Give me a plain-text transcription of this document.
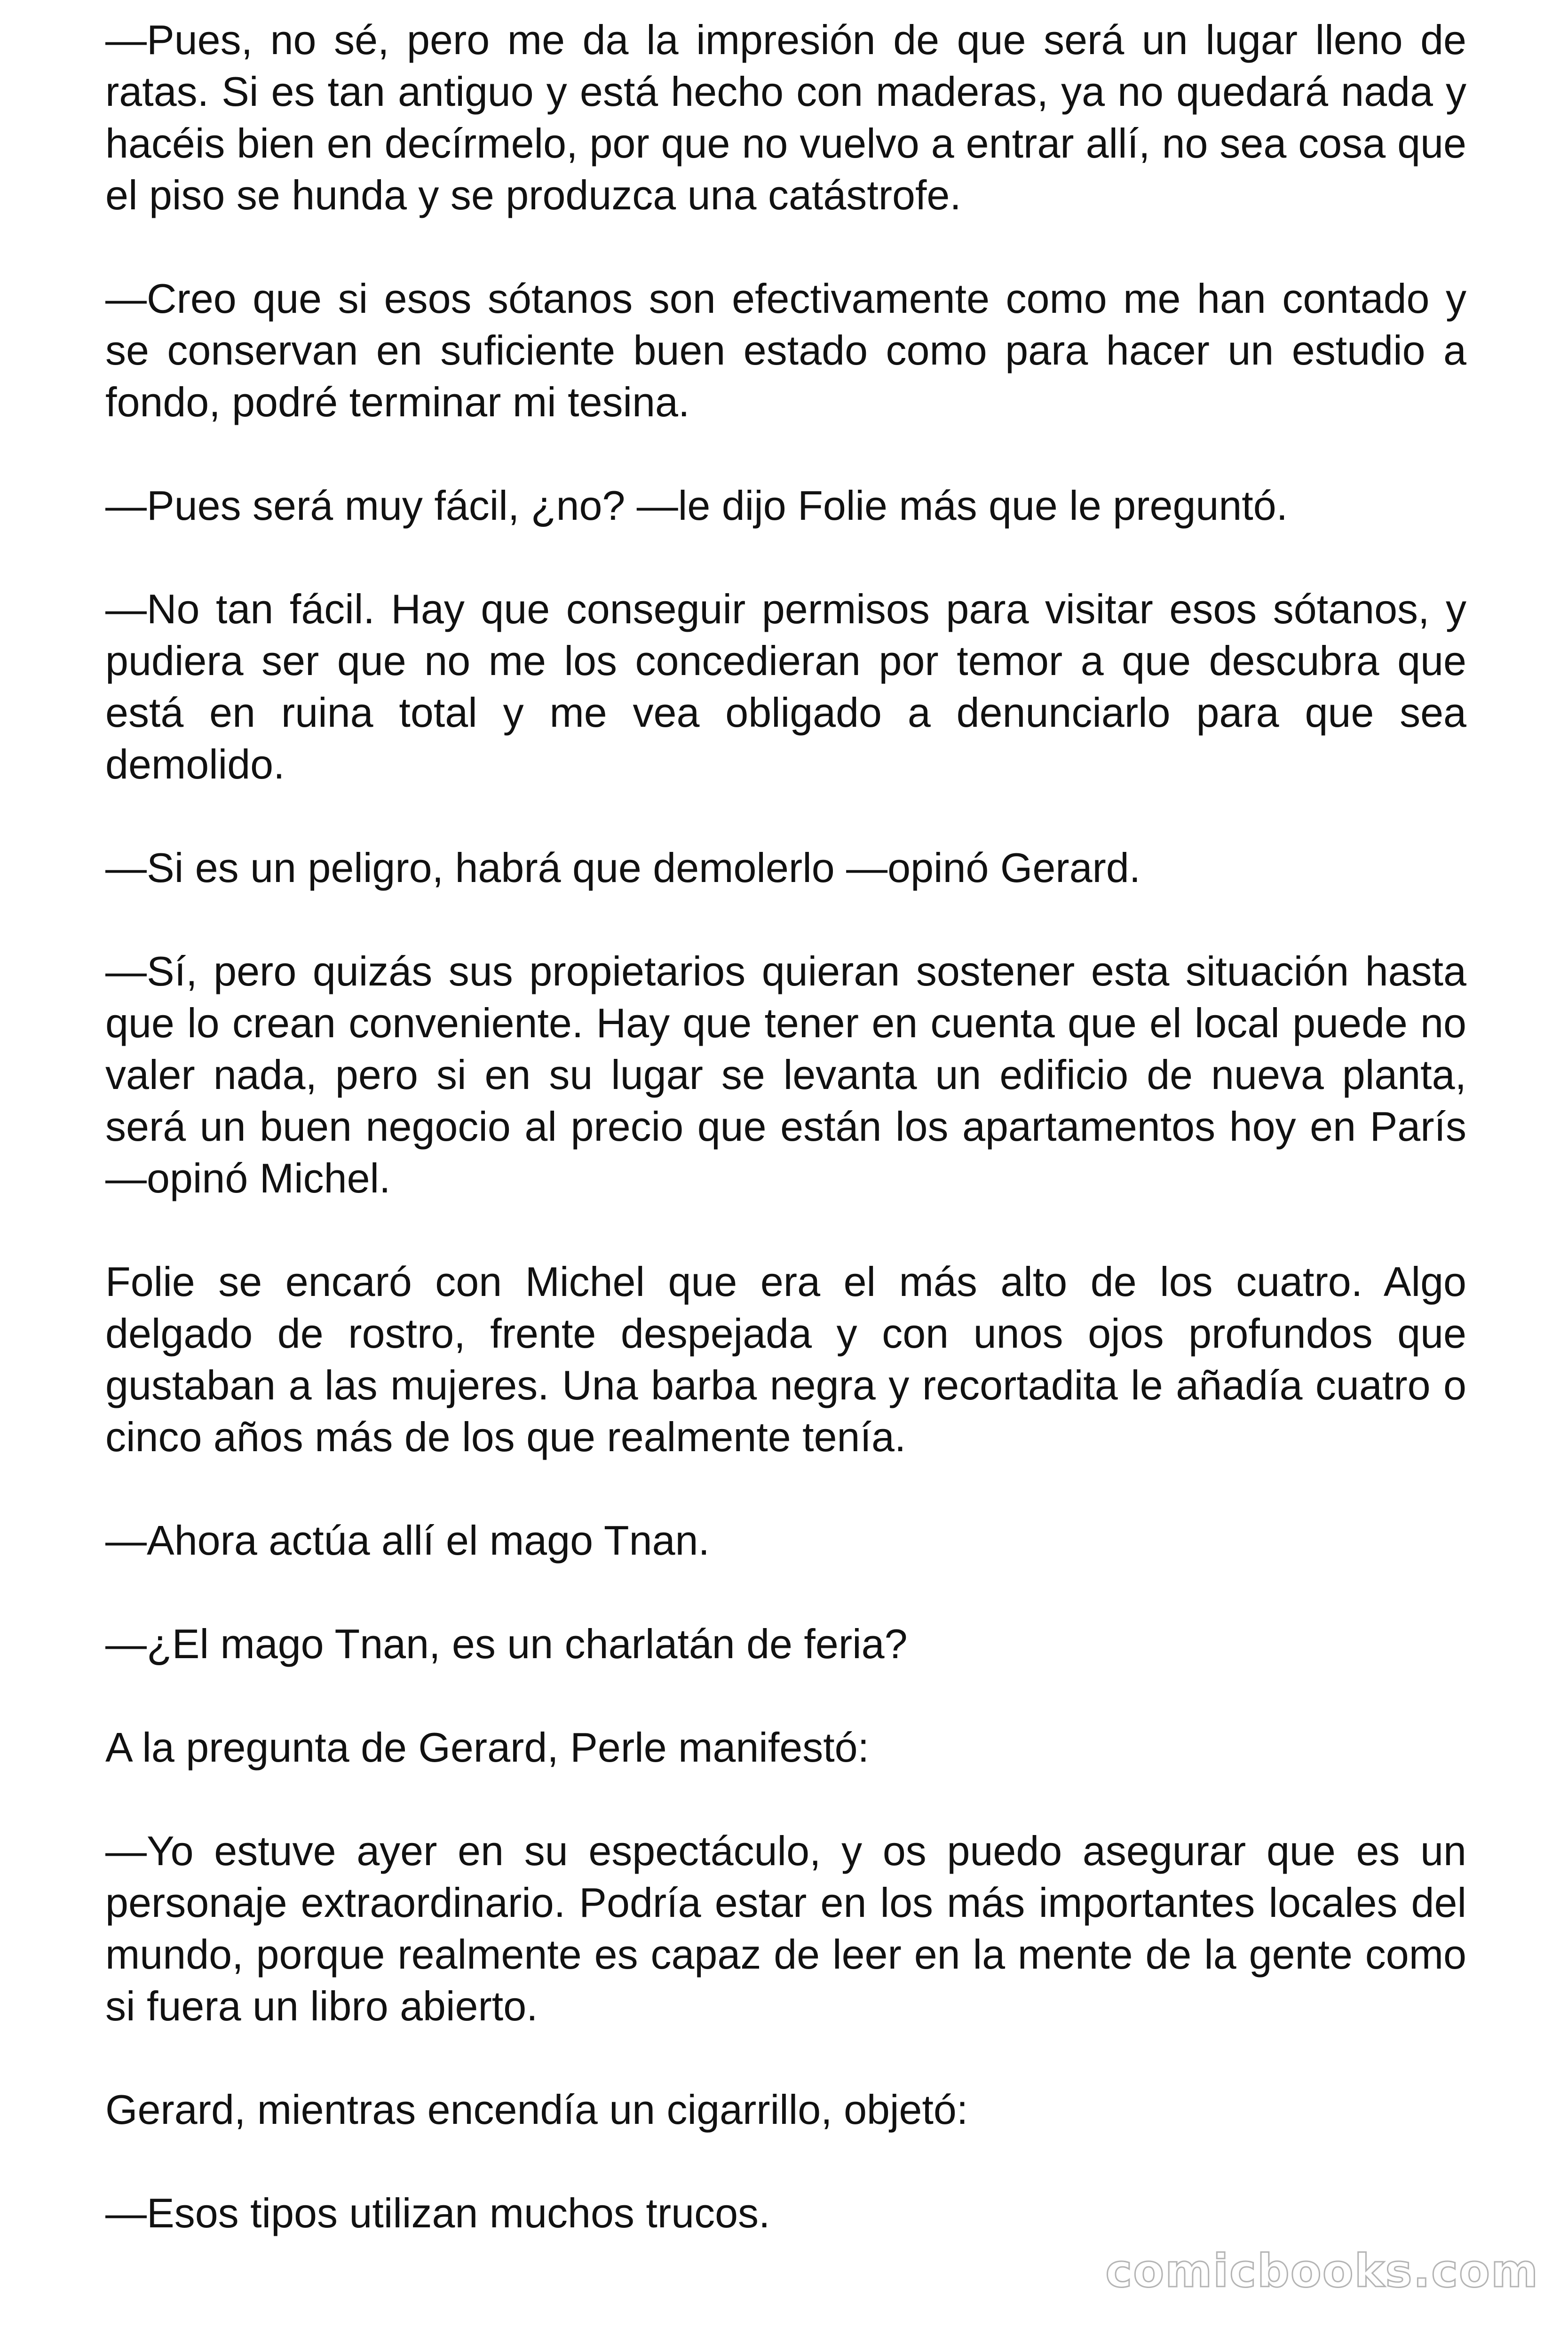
—Pues, no sé, pero me da la impresión de que será un lugar lleno de ratas. Si es tan antiguo y está hecho con maderas, ya no quedará nada y hacéis bien en decírmelo, por que no vuelvo a entrar allí, no sea cosa que el piso se hunda y se produzca una catástrofe.

—Creo que si esos sótanos son efectivamente como me han contado y se conservan en suficiente buen estado como para hacer un estudio a fondo, podré terminar mi tesina.

—Pues será muy fácil, ¿no? —le dijo Folie más que le preguntó.

—No tan fácil. Hay que conseguir permisos para visitar esos sótanos, y pudiera ser que no me los concedieran por temor a que descubra que está en ruina total y me vea obligado a denunciarlo para que sea demolido.

—Si es un peligro, habrá que demolerlo —opinó Gerard.

—Sí, pero quizás sus propietarios quieran sostener esta situación hasta que lo crean conveniente. Hay que tener en cuenta que el local puede no valer nada, pero si en su lugar se levanta un edificio de nueva planta, será un buen negocio al precio que están los apartamentos hoy en París —opinó Michel.

Folie se encaró con Michel que era el más alto de los cuatro. Algo delgado de rostro, frente despejada y con unos ojos profundos que gustaban a las mujeres. Una barba negra y recortadita le añadía cuatro o cinco años más de los que realmente tenía.

—Ahora actúa allí el mago Tnan.

—¿El mago Tnan, es un charlatán de feria?

A la pregunta de Gerard, Perle manifestó:

—Yo estuve ayer en su espectáculo, y os puedo asegurar que es un personaje extraordinario. Podría estar en los más importantes locales del mundo, porque realmente es capaz de leer en la mente de la gente como si fuera un libro abierto.

Gerard, mientras encendía un cigarrillo, objetó:

—Esos tipos utilizan muchos trucos.

comicbooks.com
